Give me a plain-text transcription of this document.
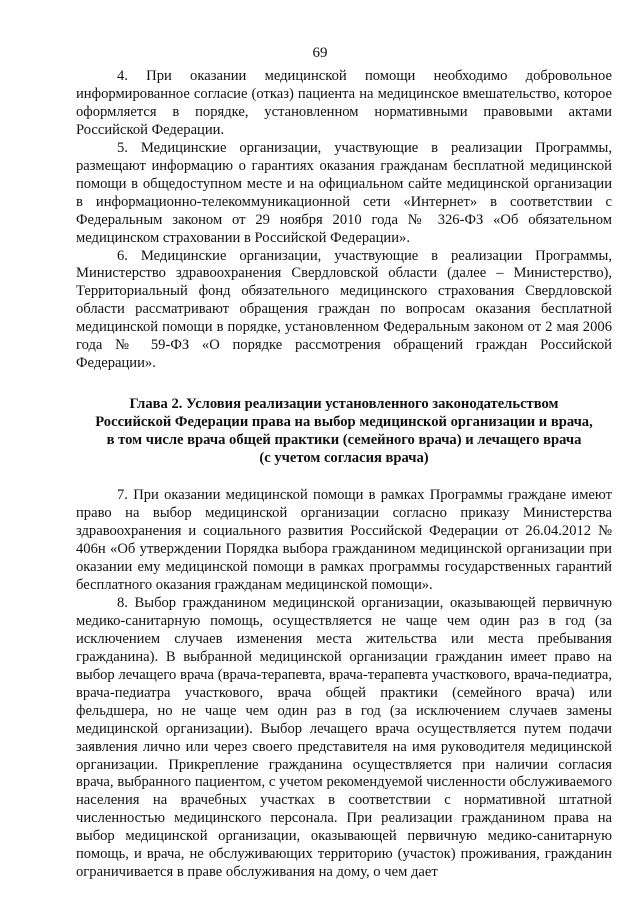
69

4. При оказании медицинской помощи необходимо добровольное информированное согласие (отказ) пациента на медицинское вмешательство, которое оформляется в порядке, установленном нормативными правовыми актами Российской Федерации.

5. Медицинские организации, участвующие в реализации Программы, размещают информацию о гарантиях оказания гражданам бесплатной медицинской помощи в общедоступном месте и на официальном сайте медицинской организации в информационно-телекоммуникационной сети «Интернет» в соответствии с Федеральным законом от 29 ноября 2010 года № 326-ФЗ «Об обязательном медицинском страховании в Российской Федерации».

6. Медицинские организации, участвующие в реализации Программы, Министерство здравоохранения Свердловской области (далее – Министерство), Территориальный фонд обязательного медицинского страхования Свердловской области рассматривают обращения граждан по вопросам оказания бесплатной медицинской помощи в порядке, установленном Федеральным законом от 2 мая 2006 года № 59-ФЗ «О порядке рассмотрения обращений граждан Российской Федерации».

Глава 2. Условия реализации установленного законодательством
Российской Федерации права на выбор медицинской организации и врача,
в том числе врача общей практики (семейного врача) и лечащего врача
(с учетом согласия врача)

7. При оказании медицинской помощи в рамках Программы граждане имеют право на выбор медицинской организации согласно приказу Министерства здравоохранения и социального развития Российской Федерации от 26.04.2012 № 406н «Об утверждении Порядка выбора гражданином медицинской организации при оказании ему медицинской помощи в рамках программы государственных гарантий бесплатного оказания гражданам медицинской помощи».

8. Выбор гражданином медицинской организации, оказывающей первичную медико-санитарную помощь, осуществляется не чаще чем один раз в год (за исключением случаев изменения места жительства или места пребывания гражданина). В выбранной медицинской организации гражданин имеет право на выбор лечащего врача (врача-терапевта, врача-терапевта участкового, врача-педиатра, врача-педиатра участкового, врача общей практики (семейного врача) или фельдшера, но не чаще чем один раз в год (за исключением случаев замены медицинской организации). Выбор лечащего врача осуществляется путем подачи заявления лично или через своего представителя на имя руководителя медицинской организации. Прикрепление гражданина осуществляется при наличии согласия врача, выбранного пациентом, с учетом рекомендуемой численности обслуживаемого населения на врачебных участках в соответствии с нормативной штатной численностью медицинского персонала. При реализации гражданином права на выбор медицинской организации, оказывающей первичную медико-санитарную помощь, и врача, не обслуживающих территорию (участок) проживания, гражданин ограничивается в праве обслуживания на дому, о чем дает
